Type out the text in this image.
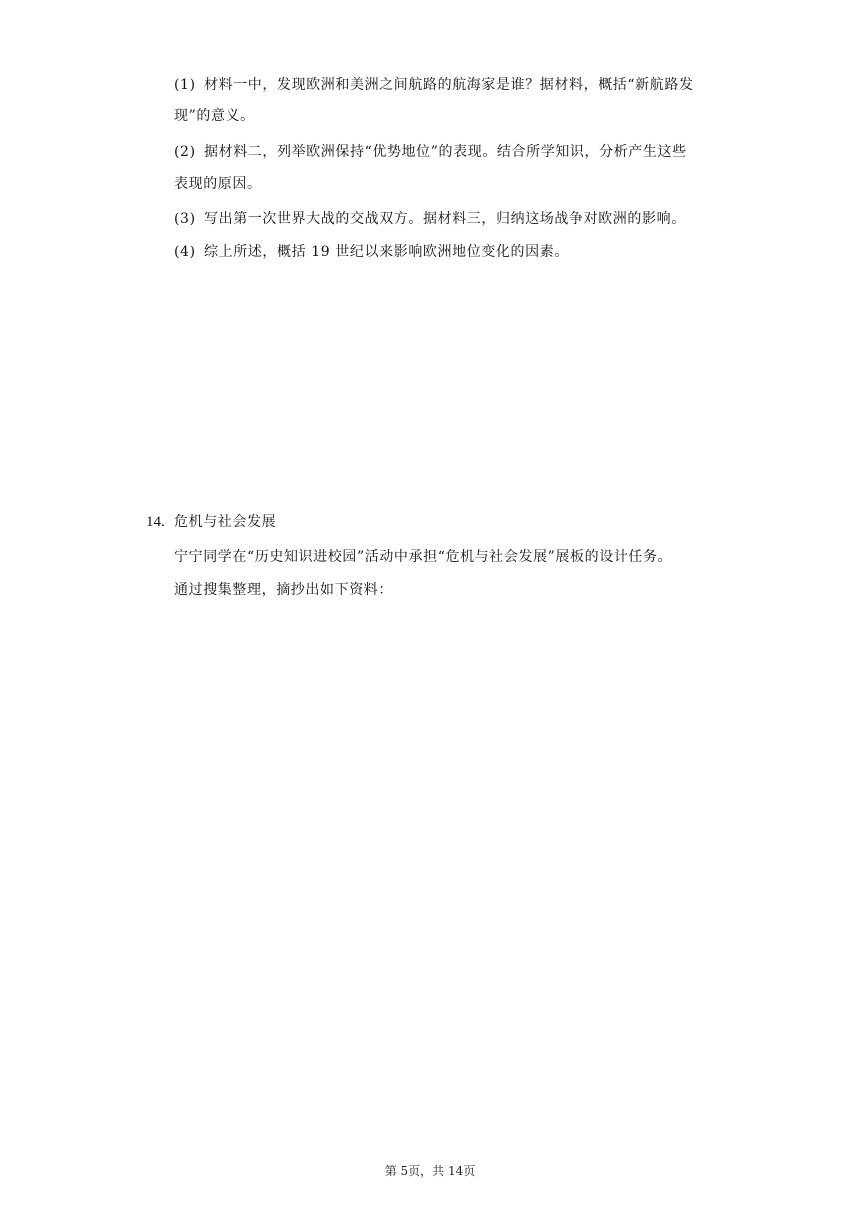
(1) 材料一中，发现欧洲和美洲之间航路的航海家是谁？据材料，概括“新航路发
现”的意义。
(2) 据材料二，列举欧洲保持“优势地位”的表现。结合所学知识，分析产生这些
表现的原因。
(3) 写出第一次世界大战的交战双方。据材料三，归纳这场战争对欧洲的影响。
(4) 综上所述，概括 19 世纪以来影响欧洲地位变化的因素。
14. 危机与社会发展
宁宁同学在“历史知识进校园”活动中承担“危机与社会发展”展板的设计任务。
通过搜集整理，摘抄出如下资料：
第 5页，共 14页
